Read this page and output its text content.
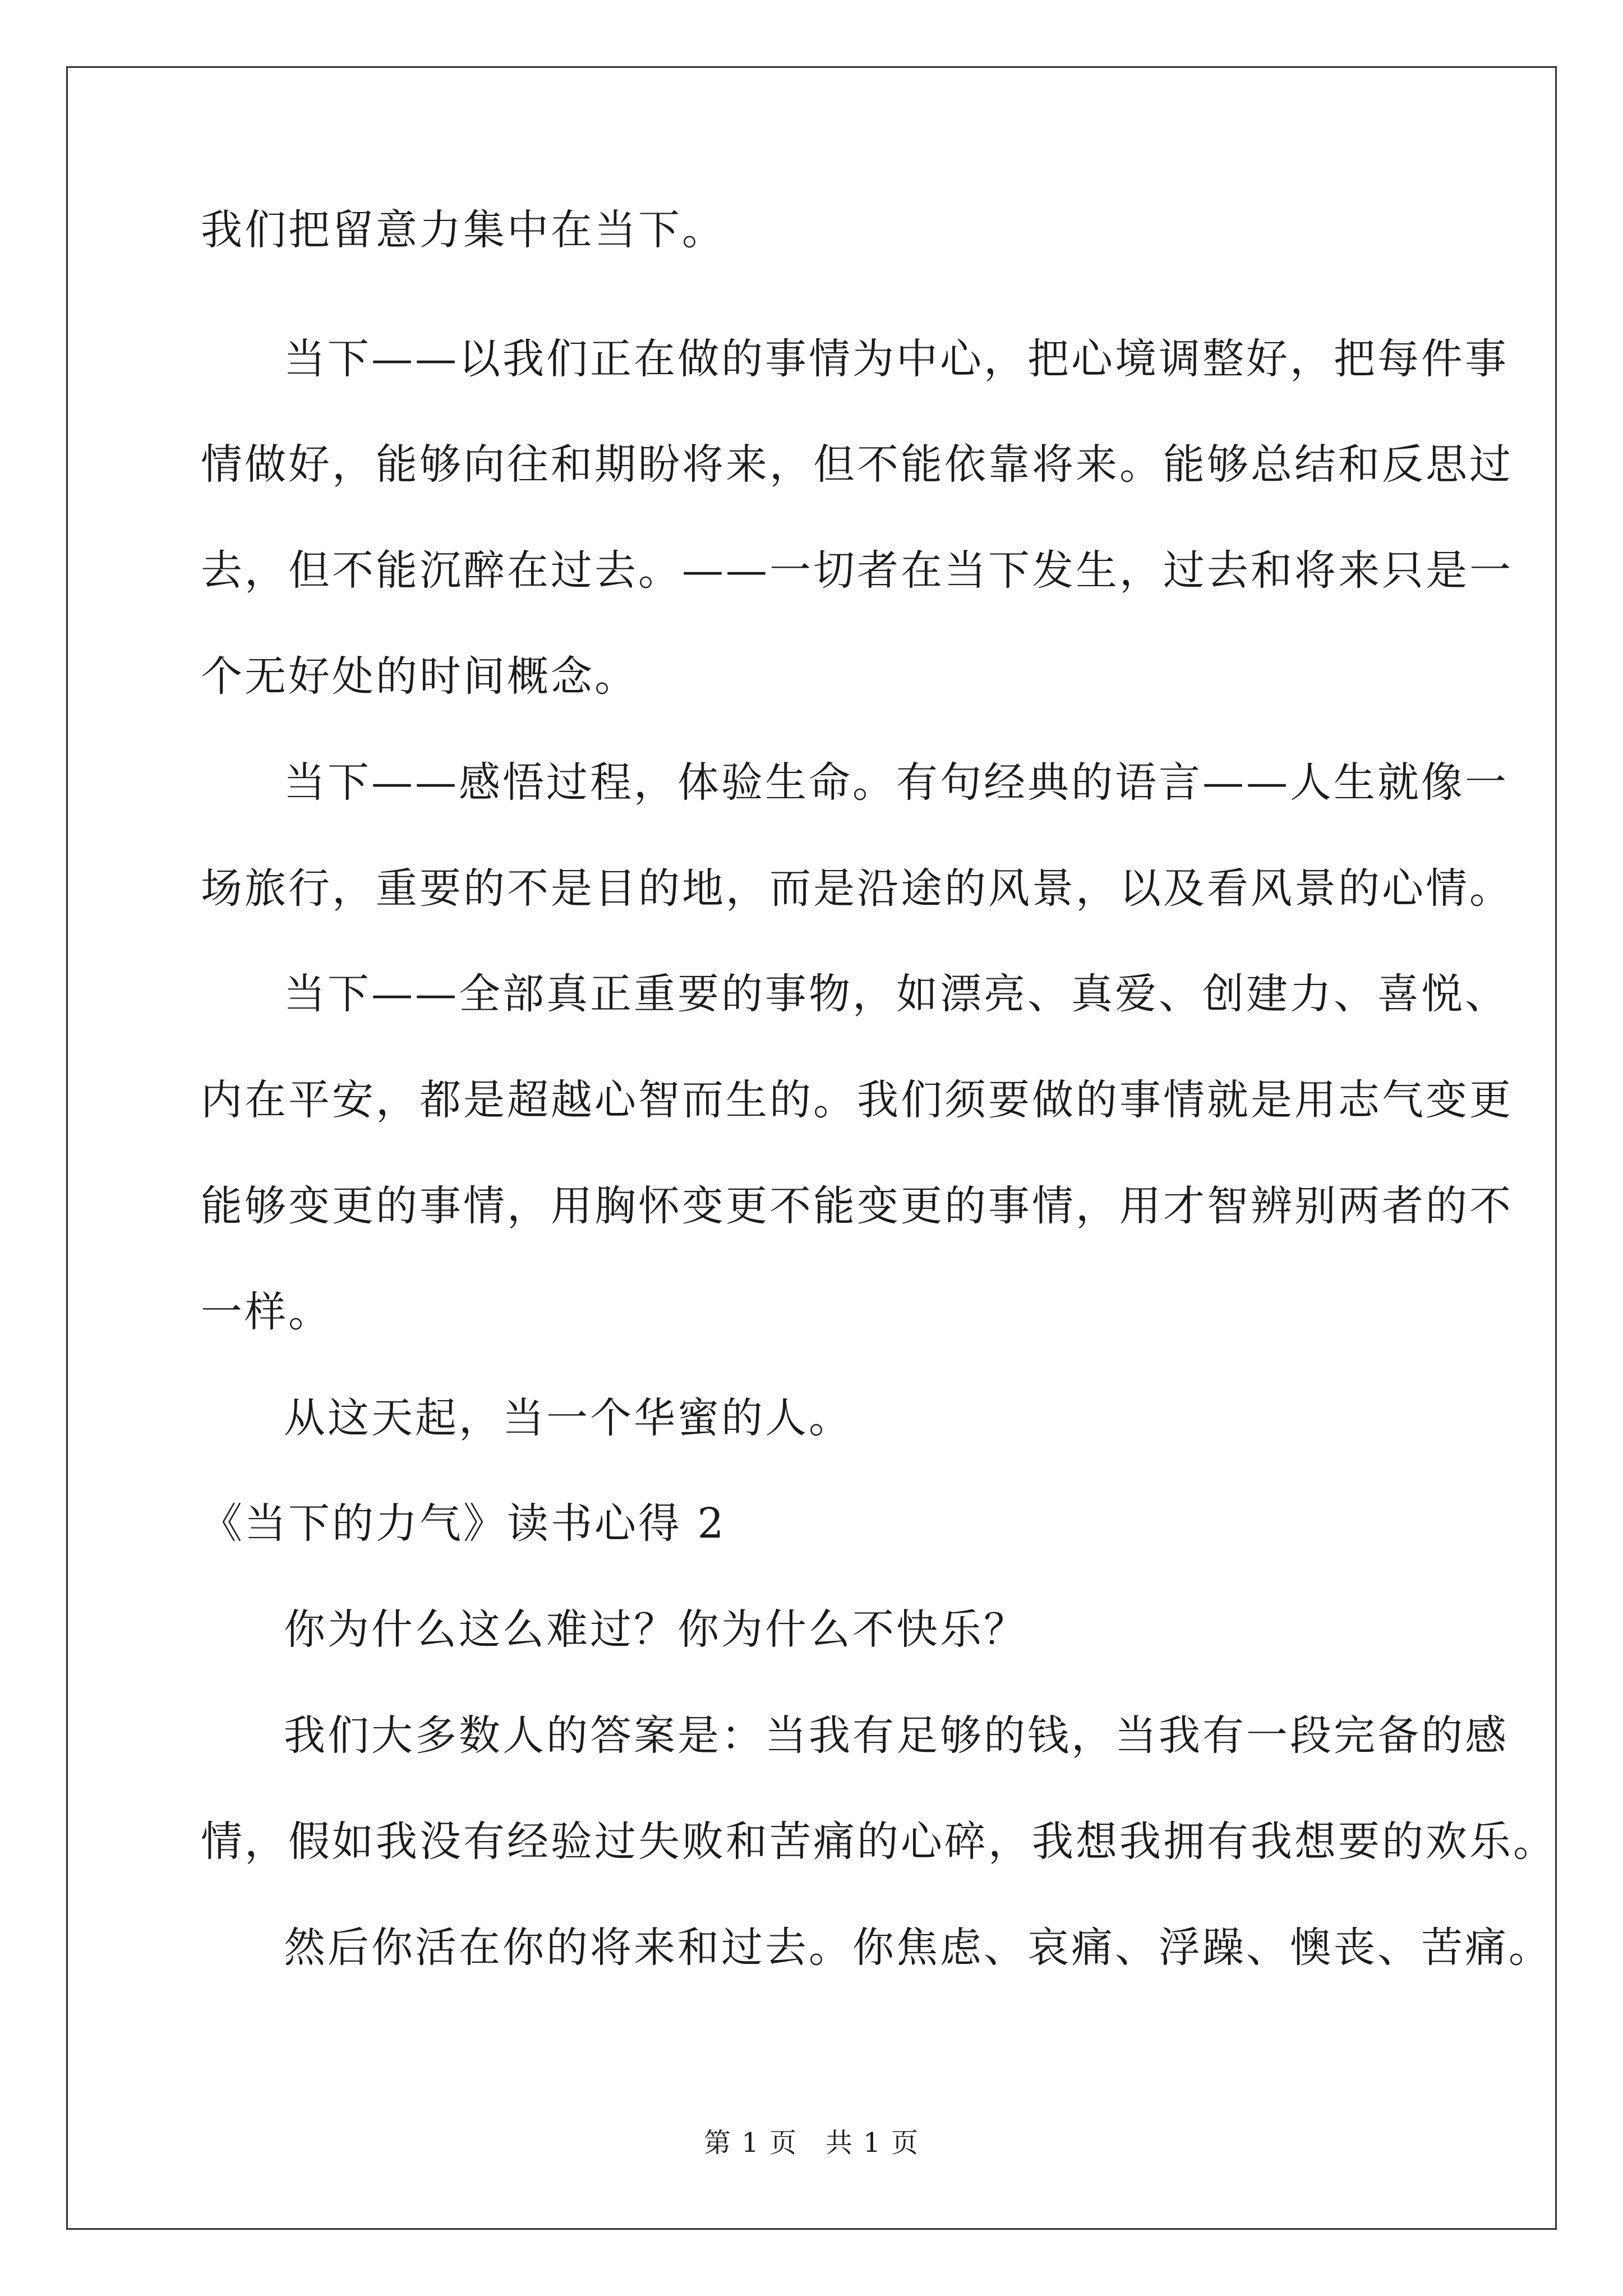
我们把留意力集中在当下。
当下——以我们正在做的事情为中心，把心境调整好，把每件事
情做好，能够向往和期盼将来，但不能依靠将来。能够总结和反思过
去，但不能沉醉在过去。——一切者在当下发生，过去和将来只是一
个无好处的时间概念。
当下——感悟过程，体验生命。有句经典的语言——人生就像一
场旅行，重要的不是目的地，而是沿途的风景，以及看风景的心情。
当下——全部真正重要的事物，如漂亮、真爱、创建力、喜悦、
内在平安，都是超越心智而生的。我们须要做的事情就是用志气变更
能够变更的事情，用胸怀变更不能变更的事情，用才智辨别两者的不
一样。
从这天起，当一个华蜜的人。
《当下的力气》读书心得 2
你为什么这么难过？你为什么不快乐？
我们大多数人的答案是：当我有足够的钱，当我有一段完备的感
情，假如我没有经验过失败和苦痛的心碎，我想我拥有我想要的欢乐。
然后你活在你的将来和过去。你焦虑、哀痛、浮躁、懊丧、苦痛。
第 1 页　共 1 页
